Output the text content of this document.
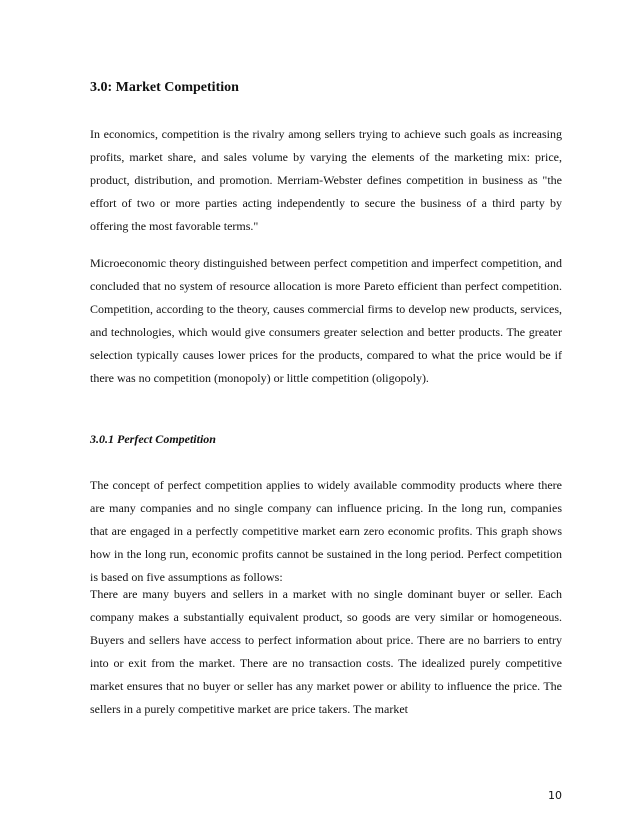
3.0: Market Competition

In economics, competition is the rivalry among sellers trying to achieve such goals as increasing profits, market share, and sales volume by varying the elements of the marketing mix: price, product, distribution, and promotion. Merriam-Webster defines competition in business as "the effort of two or more parties acting independently to secure the business of a third party by offering the most favorable terms."

Microeconomic theory distinguished between perfect competition and imperfect competition, and concluded that no system of resource allocation is more Pareto efficient than perfect competition. Competition, according to the theory, causes commercial firms to develop new products, services, and technologies, which would give consumers greater selection and better products. The greater selection typically causes lower prices for the products, compared to what the price would be if there was no competition (monopoly) or little competition (oligopoly).

3.0.1 Perfect Competition

The concept of perfect competition applies to widely available commodity products where there are many companies and no single company can influence pricing. In the long run, companies that are engaged in a perfectly competitive market earn zero economic profits. This graph shows how in the long run, economic profits cannot be sustained in the long period. Perfect competition is based on five assumptions as follows:

There are many buyers and sellers in a market with no single dominant buyer or seller. Each company makes a substantially equivalent product, so goods are very similar or homogeneous. Buyers and sellers have access to perfect information about price. There are no barriers to entry into or exit from the market. There are no transaction costs. The idealized purely competitive market ensures that no buyer or seller has any market power or ability to influence the price. The sellers in a purely competitive market are price takers. The market

10
